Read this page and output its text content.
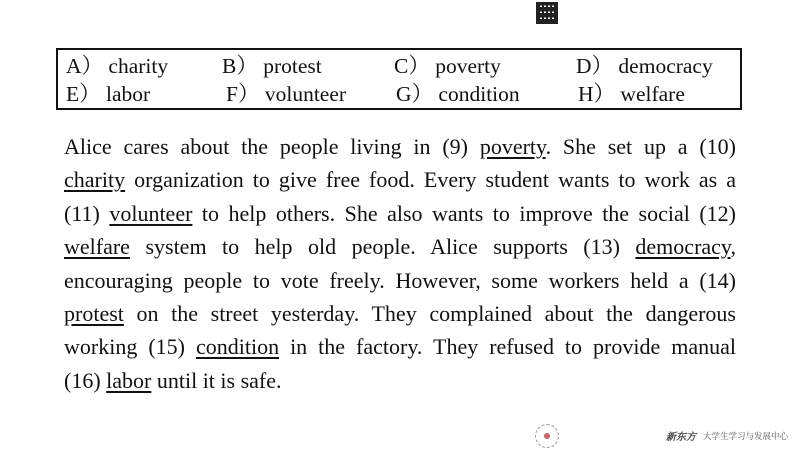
A） charity	B） protest	C） poverty	D） democracy
E） labor	F） volunteer G） condition	H） welfare
Alice cares about the people living in (9) poverty. She set up a (10)
charity organization to give free food. Every student wants to work as a
(11) volunteer to help others. She also wants to improve the social (12)
welfare system to help old people. Alice supports (13) democracy,
encouraging people to vote freely. However, some workers held a (14)
protest on the street yesterday. They complained about the dangerous
working (15) condition in the factory. They refused to provide manual
(16) labor until it is safe.
新东方 大学生学习与发展中心
